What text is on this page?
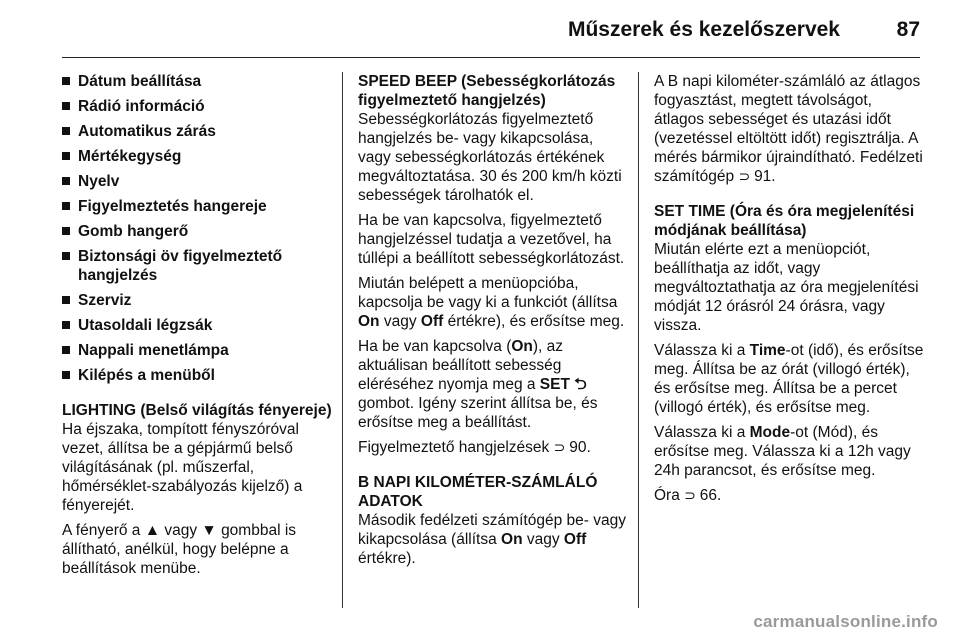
Műszerek és kezelőszervek	87
Dátum beállítása
Rádió információ
Automatikus zárás
Mértékegység
Nyelv
Figyelmeztetés hangereje
Gomb hangerő
Biztonsági öv figyelmeztető hangjelzés
Szerviz
Utasoldali légzsák
Nappali menetlámpa
Kilépés a menüből

LIGHTING (Belső világítás fényereje)

Ha éjszaka, tompított fényszóróval vezet, állítsa be a gépjármű belső világításának (pl. műszerfal, hőmérséklet-szabályozás kijelző) a fényerejét.

A fényerő a ▲ vagy ▼ gombbal is állítható, anélkül, hogy belépne a beállítások menübe.

SPEED BEEP (Sebességkorlátozás figyelmeztető hangjelzés)

Sebességkorlátozás figyelmeztető hangjelzés be- vagy kikapcsolása, vagy sebességkorlátozás értékének megváltoztatása. 30 és 200 km/h közti sebességek tárolhatók el.

Ha be van kapcsolva, figyelmeztető hangjelzéssel tudatja a vezetővel, ha túllépi a beállított sebességkorlátozást.

Miután belépett a menüopcióba, kapcsolja be vagy ki a funkciót (állítsa On vagy Off értékre), és erősítse meg.

Ha be van kapcsolva (On), az aktuálisan beállított sebesség eléréséhez nyomja meg a SET ⮌ gombot. Igény szerint állítsa be, és erősítse meg a beállítást.

Figyelmeztető hangjelzések ⊃ 90.

B NAPI KILOMÉTER-SZÁMLÁLÓ ADATOK

Második fedélzeti számítógép be- vagy kikapcsolása (állítsa On vagy Off értékre).

A B napi kilométer-számláló az átlagos fogyasztást, megtett távolságot, átlagos sebességet és utazási időt (vezetéssel eltöltött időt) regisztrálja. A mérés bármikor újraindítható. Fedélzeti számítógép ⊃ 91.

SET TIME (Óra és óra megjelenítési módjának beállítása)

Miután elérte ezt a menüopciót, beállíthatja az időt, vagy megváltoztathatja az óra megjelenítési módját 12 órásról 24 órásra, vagy vissza.

Válassza ki a Time-ot (idő), és erősítse meg. Állítsa be az órát (villogó érték), és erősítse meg. Állítsa be a percet (villogó érték), és erősítse meg.

Válassza ki a Mode-ot (Mód), és erősítse meg. Válassza ki a 12h vagy 24h parancsot, és erősítse meg.

Óra ⊃ 66.

carmanualsonline.info
